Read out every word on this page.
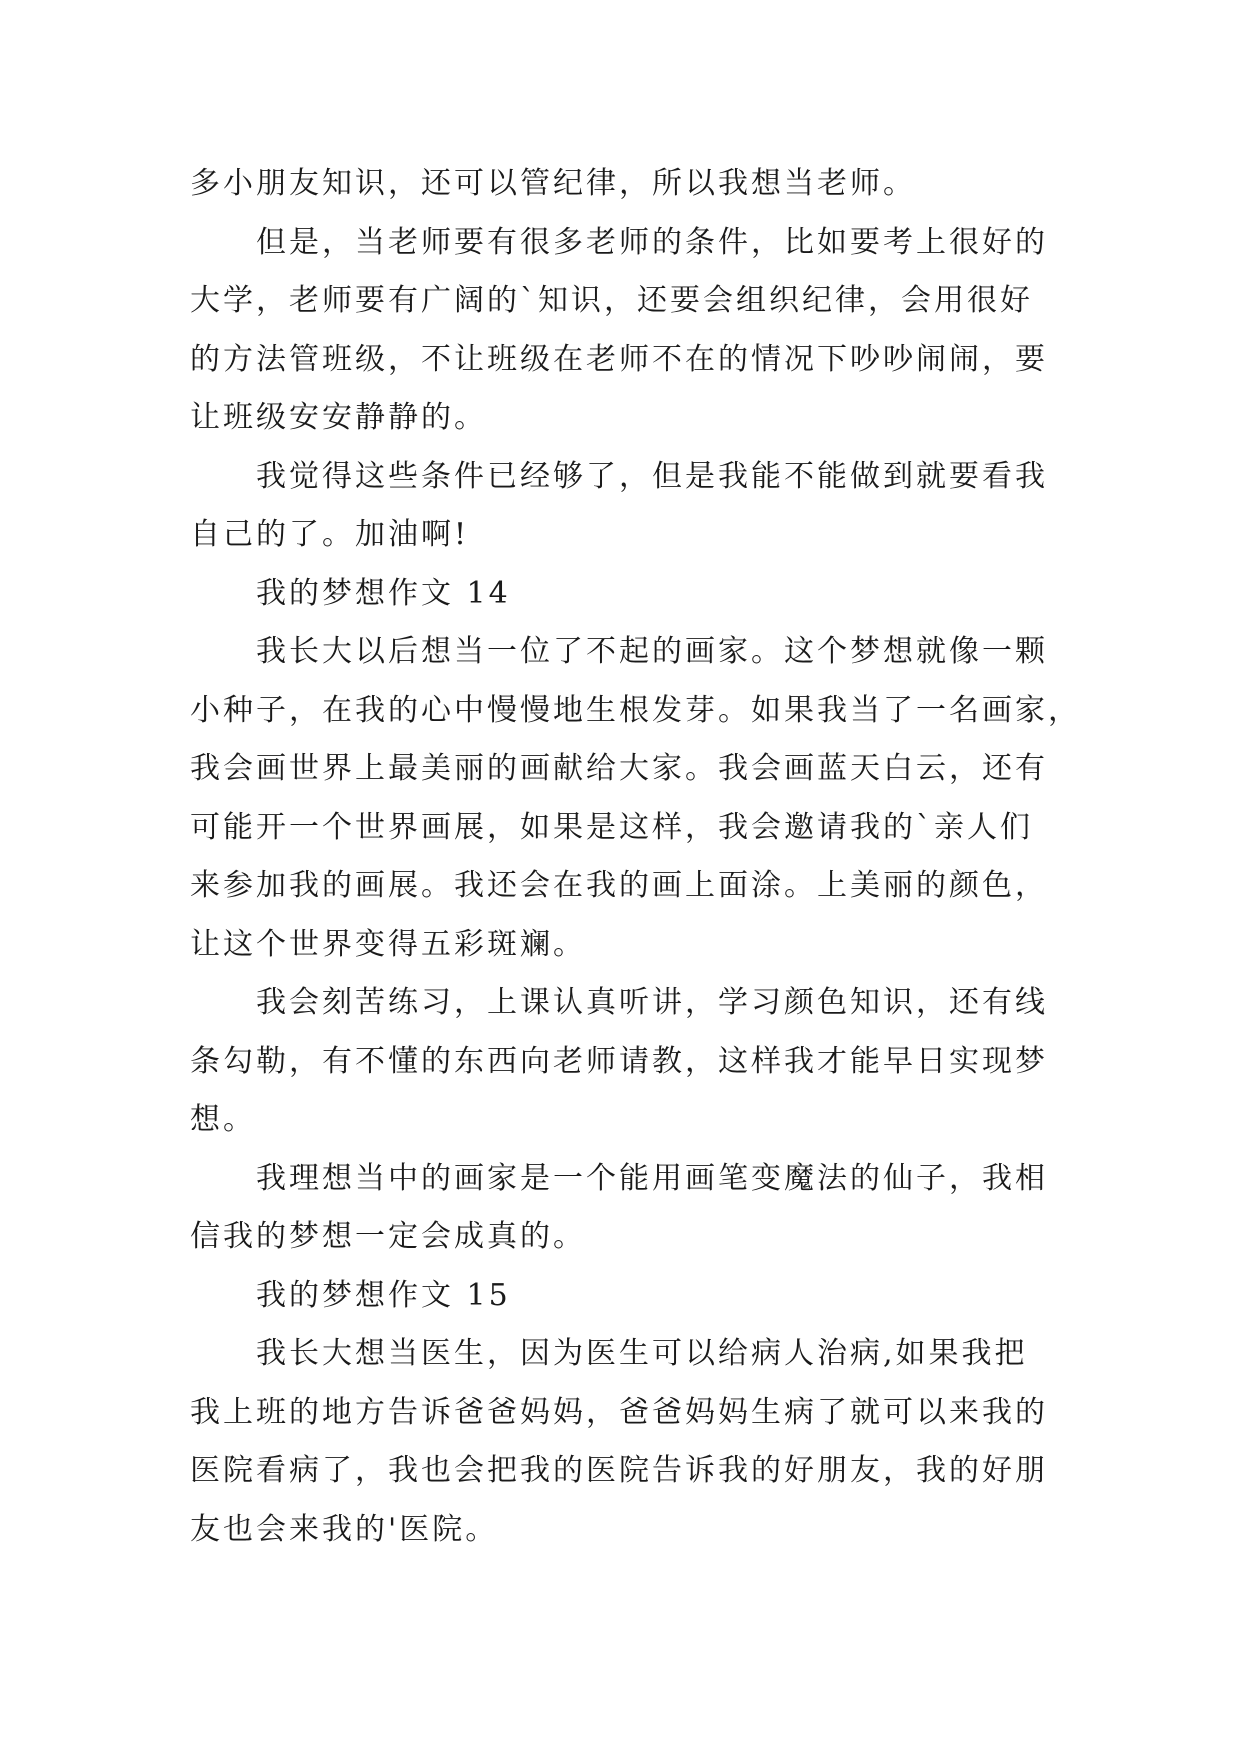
多小朋友知识，还可以管纪律，所以我想当老师。
但是，当老师要有很多老师的条件，比如要考上很好的
大学，老师要有广阔的`知识，还要会组织纪律，会用很好
的方法管班级，不让班级在老师不在的情况下吵吵闹闹，要
让班级安安静静的。
我觉得这些条件已经够了，但是我能不能做到就要看我
自己的了。加油啊!
我的梦想作文 14
我长大以后想当一位了不起的画家。这个梦想就像一颗
小种子，在我的心中慢慢地生根发芽。如果我当了一名画家，
我会画世界上最美丽的画献给大家。我会画蓝天白云，还有
可能开一个世界画展，如果是这样，我会邀请我的`亲人们
来参加我的画展。我还会在我的画上面涂。上美丽的颜色，
让这个世界变得五彩斑斓。
我会刻苦练习，上课认真听讲，学习颜色知识，还有线
条勾勒，有不懂的东西向老师请教，这样我才能早日实现梦
想。
我理想当中的画家是一个能用画笔变魔法的仙子，我相
信我的梦想一定会成真的。
我的梦想作文 15
我长大想当医生，因为医生可以给病人治病,如果我把
我上班的地方告诉爸爸妈妈，爸爸妈妈生病了就可以来我的
医院看病了，我也会把我的医院告诉我的好朋友，我的好朋
友也会来我的'医院。
